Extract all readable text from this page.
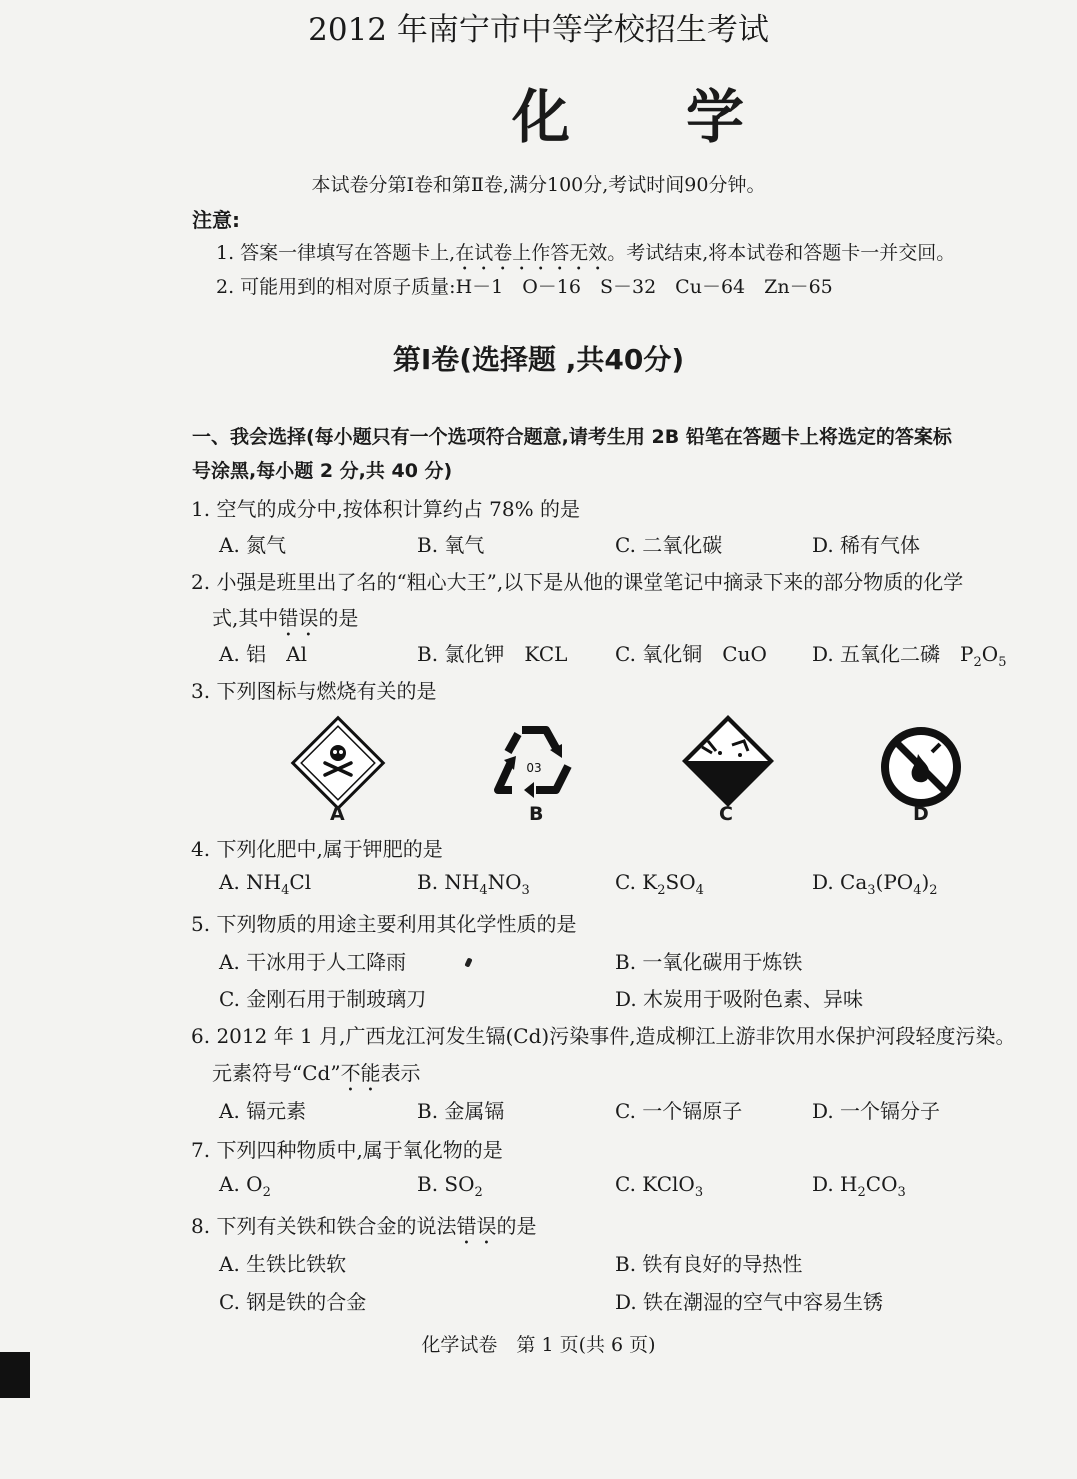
2012 年南宁市中等学校招生考试
化 学
本试卷分第Ⅰ卷和第Ⅱ卷,满分100分,考试时间90分钟。
注意:
1. 答案一律填写在答题卡上,在试卷上作答无效。考试结束,将本试卷和答题卡一并交回。
2. 可能用到的相对原子质量:H－1　O－16　S－32　Cu－64　Zn－65
第Ⅰ卷(选择题 ,共40分)
一、我会选择(每小题只有一个选项符合题意,请考生用 2B 铅笔在答题卡上将选定的答案标
号涂黑,每小题 2 分,共 40 分)
1. 空气的成分中,按体积计算约占 78% 的是
A. 氮气	B. 氧气	C. 二氧化碳	D. 稀有气体
2. 小强是班里出了名的“粗心大王”,以下是从他的课堂笔记中摘录下来的部分物质的化学
式,其中错误的是
A. 铝　Al	B. 氯化钾　KCL C. 氧化铜　CuO D. 五氧化二磷　$P_2O_5$
3. 下列图标与燃烧有关的是
A
03
B	C	D
4. 下列化肥中,属于钾肥的是
A. $NH_4Cl$	B. $NH_4NO_3$	C. $K_2SO_4$	D. $Ca_3(PO_4)_2$
5. 下列物质的用途主要利用其化学性质的是
A. 干冰用于人工降雨	B. 一氧化碳用于炼铁
C. 金刚石用于制玻璃刀	D. 木炭用于吸附色素、异味
6. 2012 年 1 月,广西龙江河发生镉(Cd)污染事件,造成柳江上游非饮用水保护河段轻度污染。
元素符号“Cd”不能表示
A. 镉元素	B. 金属镉	C. 一个镉原子	D. 一个镉分子
7. 下列四种物质中,属于氧化物的是
A. $O_2$	B. $SO_2$	C. KClO$_3$	D. $H_2CO_3$
8. 下列有关铁和铁合金的说法错误的是
A. 生铁比铁软	B. 铁有良好的导热性
C. 钢是铁的合金	D. 铁在潮湿的空气中容易生锈
化学试卷　第 1 页(共 6 页)
